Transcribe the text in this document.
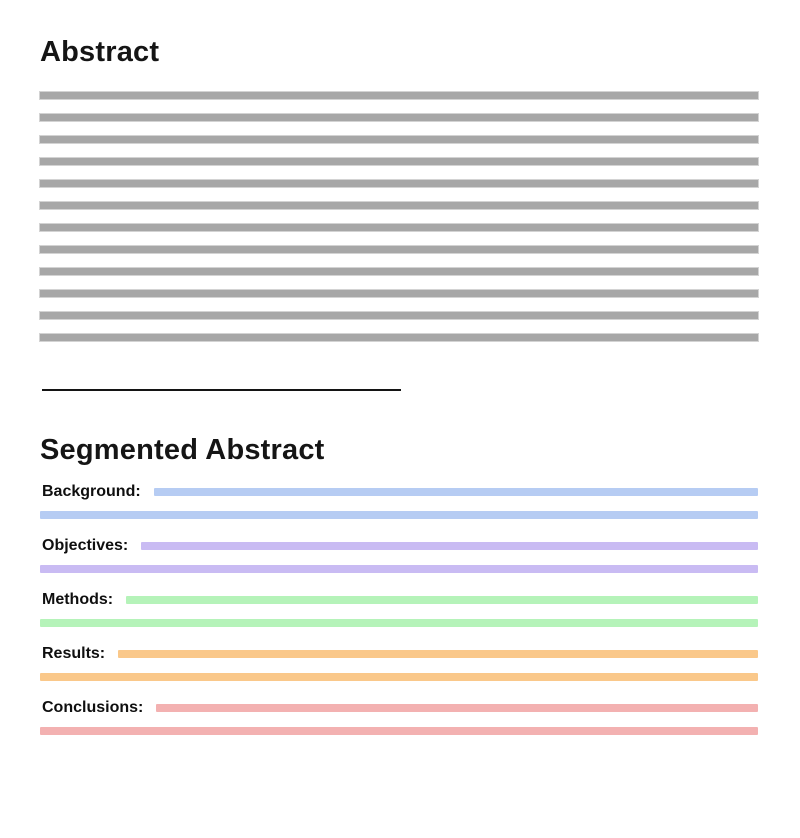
Abstract
Segmented Abstract
Background:
Objectives:
Methods:
Results:
Conclusions:
